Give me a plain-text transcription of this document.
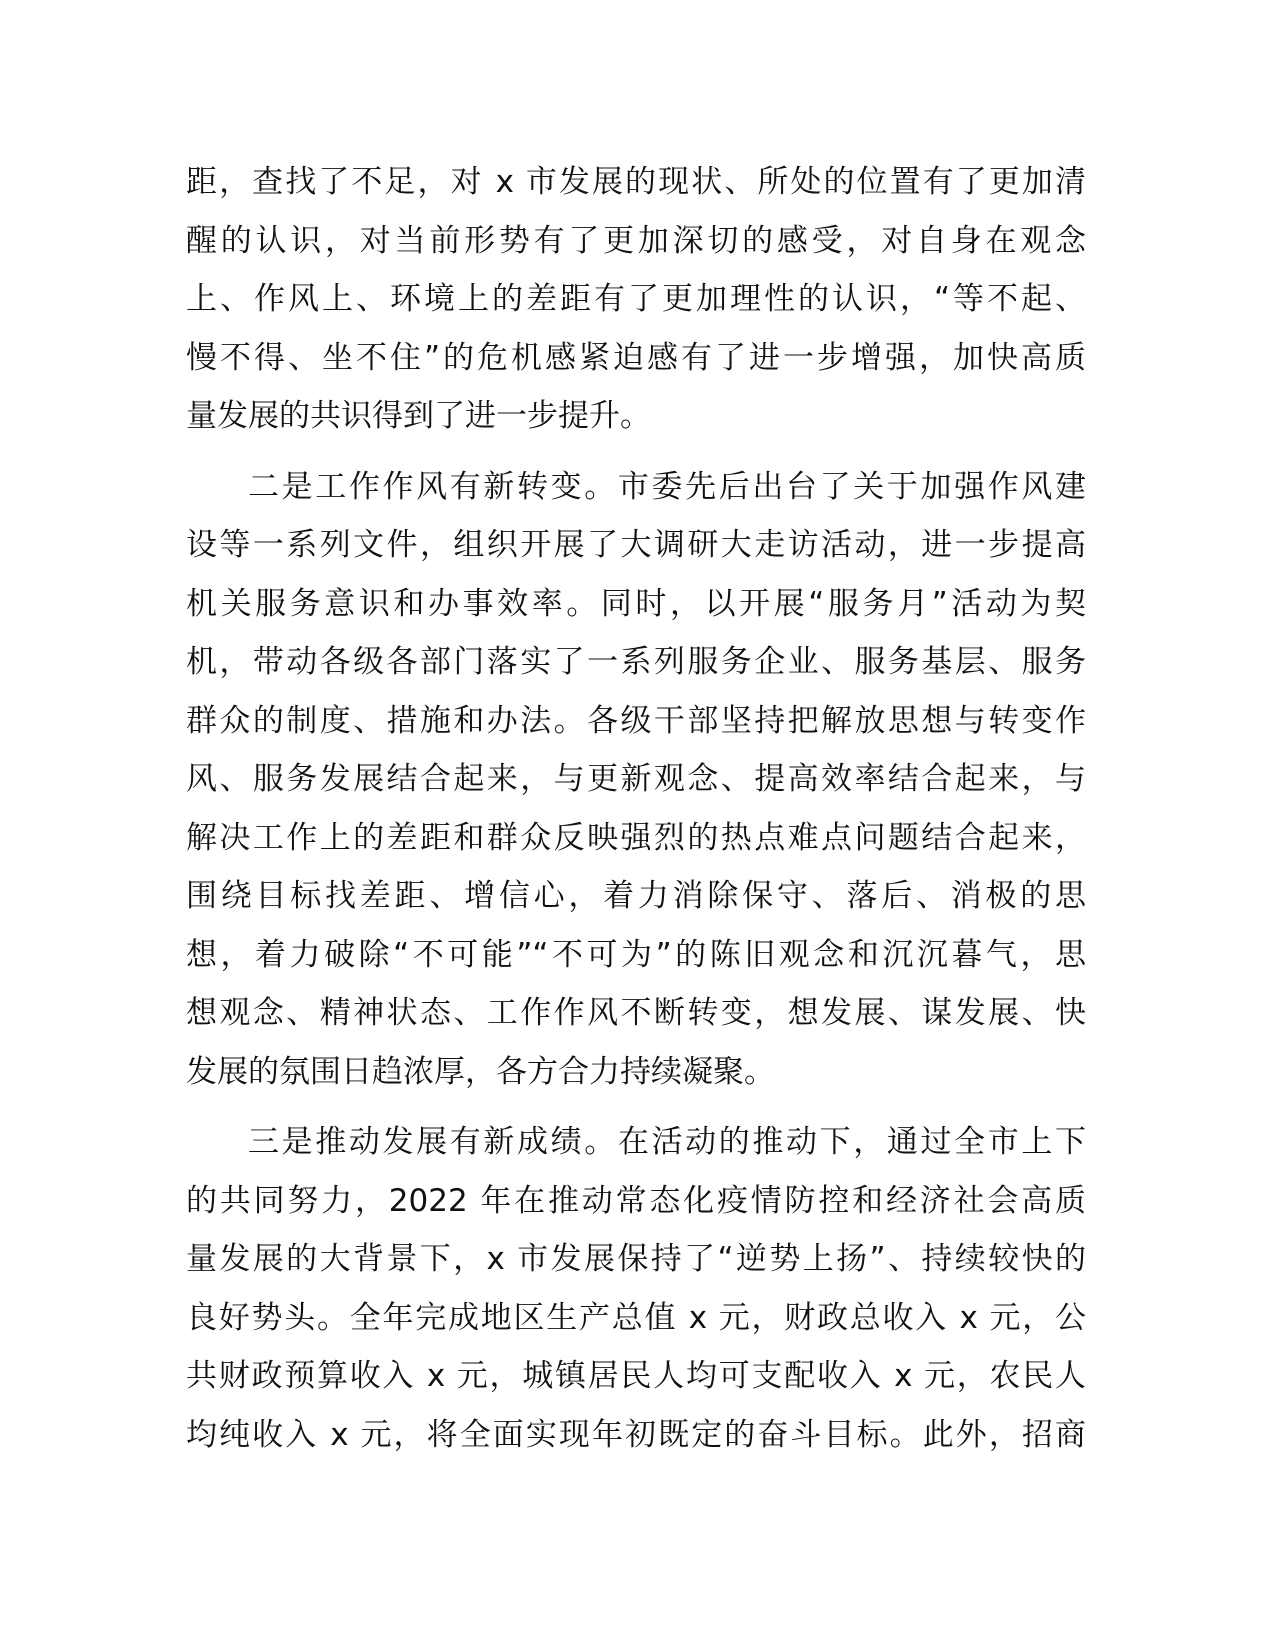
距，查找了不足，对 x 市发展的现状、所处的位置有了更加清
醒的认识，对当前形势有了更加深切的感受，对自身在观念
上、作风上、环境上的差距有了更加理性的认识，“等不起、
慢不得、坐不住”的危机感紧迫感有了进一步增强，加快高质
量发展的共识得到了进一步提升。
二是工作作风有新转变。市委先后出台了关于加强作风建
设等一系列文件，组织开展了大调研大走访活动，进一步提高
机关服务意识和办事效率。同时，以开展“服务月”活动为契
机，带动各级各部门落实了一系列服务企业、服务基层、服务
群众的制度、措施和办法。各级干部坚持把解放思想与转变作
风、服务发展结合起来，与更新观念、提高效率结合起来，与
解决工作上的差距和群众反映强烈的热点难点问题结合起来，
围绕目标找差距、增信心，着力消除保守、落后、消极的思
想，着力破除“不可能”“不可为”的陈旧观念和沉沉暮气，思
想观念、精神状态、工作作风不断转变，想发展、谋发展、快
发展的氛围日趋浓厚，各方合力持续凝聚。
三是推动发展有新成绩。在活动的推动下，通过全市上下
的共同努力，2022 年在推动常态化疫情防控和经济社会高质
量发展的大背景下，x 市发展保持了“逆势上扬”、持续较快的
良好势头。全年完成地区生产总值 x 元，财政总收入 x 元，公
共财政预算收入 x 元，城镇居民人均可支配收入 x 元，农民人
均纯收入 x 元，将全面实现年初既定的奋斗目标。此外，招商
